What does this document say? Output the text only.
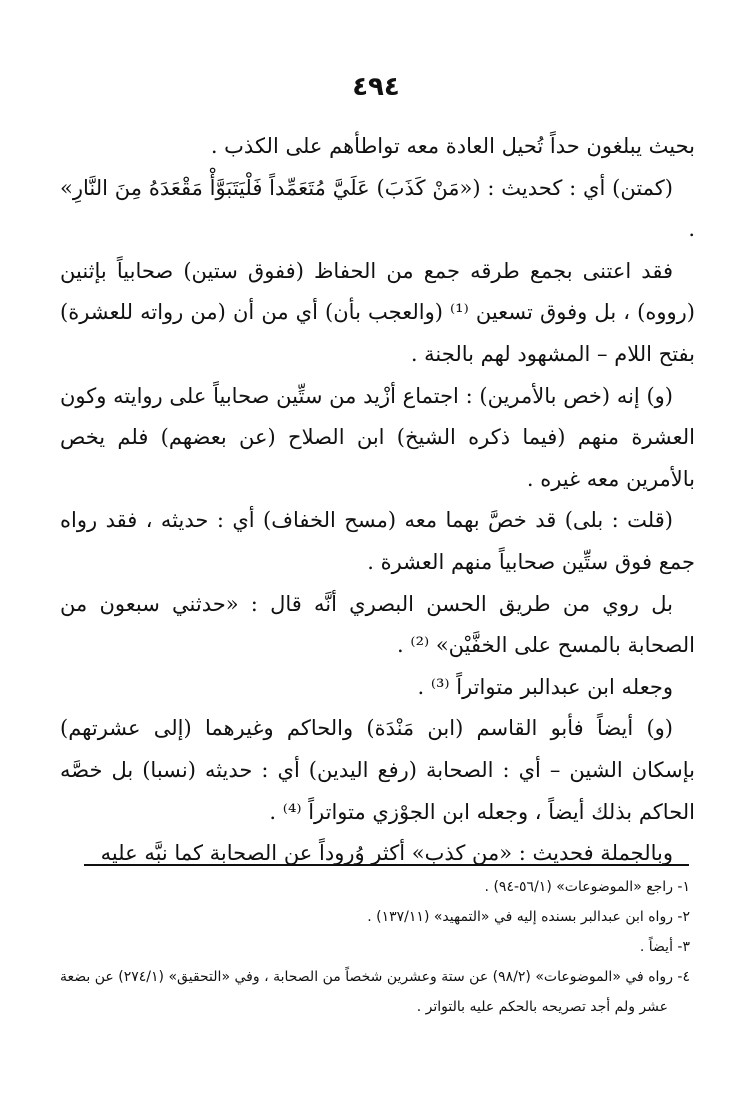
٤٩٤

بحيث يبلغون حداً تُحيل العادة معه تواطأهم على الكذب .

(كمتن) أي : كحديث : («مَنْ كَذَبَ) عَلَيَّ مُتَعَمِّداً فَلْيَتَبَوَّأْ مَقْعَدَهُ مِنَ النَّارِ» .

فقد اعتنى بجمع طرقه جمع من الحفاظ (ففوق ستين) صحابياً بإثنين (رووه) ، بل وفوق تسعين ⁽¹⁾ (والعجب بأن) أي من أن (من رواته للعشرة) بفتح اللام – المشهود لهم بالجنة .

(و) إنه (خص بالأمرين) : اجتماع أزْيد من ستِّين صحابياً على روايته وكون العشرة منهم (فيما ذكره الشيخ) ابن الصلاح (عن بعضهم) فلم يخص بالأمرين معه غيره .

(قلت : بلى) قد خصَّ بهما معه (مسح الخفاف) أي : حديثه ، فقد رواه جمع فوق ستِّين صحابياً منهم العشرة .

بل روي من طريق الحسن البصري أنَّه قال : «حدثني سبعون من الصحابة بالمسح على الخفَّيْن» ⁽²⁾ .

وجعله ابن عبدالبر متواتراً ⁽³⁾ .

(و) أيضاً فأبو القاسم (ابن مَنْدَة) والحاكم وغيرهما (إلى عشرتهم) بإسكان الشين – أي : الصحابة (رفع اليدين) أي : حديثه (نسبا) بل خصَّه الحاكم بذلك أيضاً ، وجعله ابن الجوْزي متواتراً ⁽⁴⁾ .

وبالجملة فحديث : «من كذب» أكثر وُروداً عن الصحابة كما نبَّه عليه

١- راجع «الموضوعات» (٥٦/١-٩٤) .

٢- رواه ابن عبدالبر بسنده إليه في «التمهيد» (١٣٧/١١) .

٣- أيضاً .

٤- رواه في «الموضوعات» (٩٨/٢) عن ستة وعشرين شخصاً من الصحابة ، وفي «التحقيق» (٢٧٤/١) عن بضعة عشر ولم أجد تصريحه بالحكم عليه بالتواتر .
